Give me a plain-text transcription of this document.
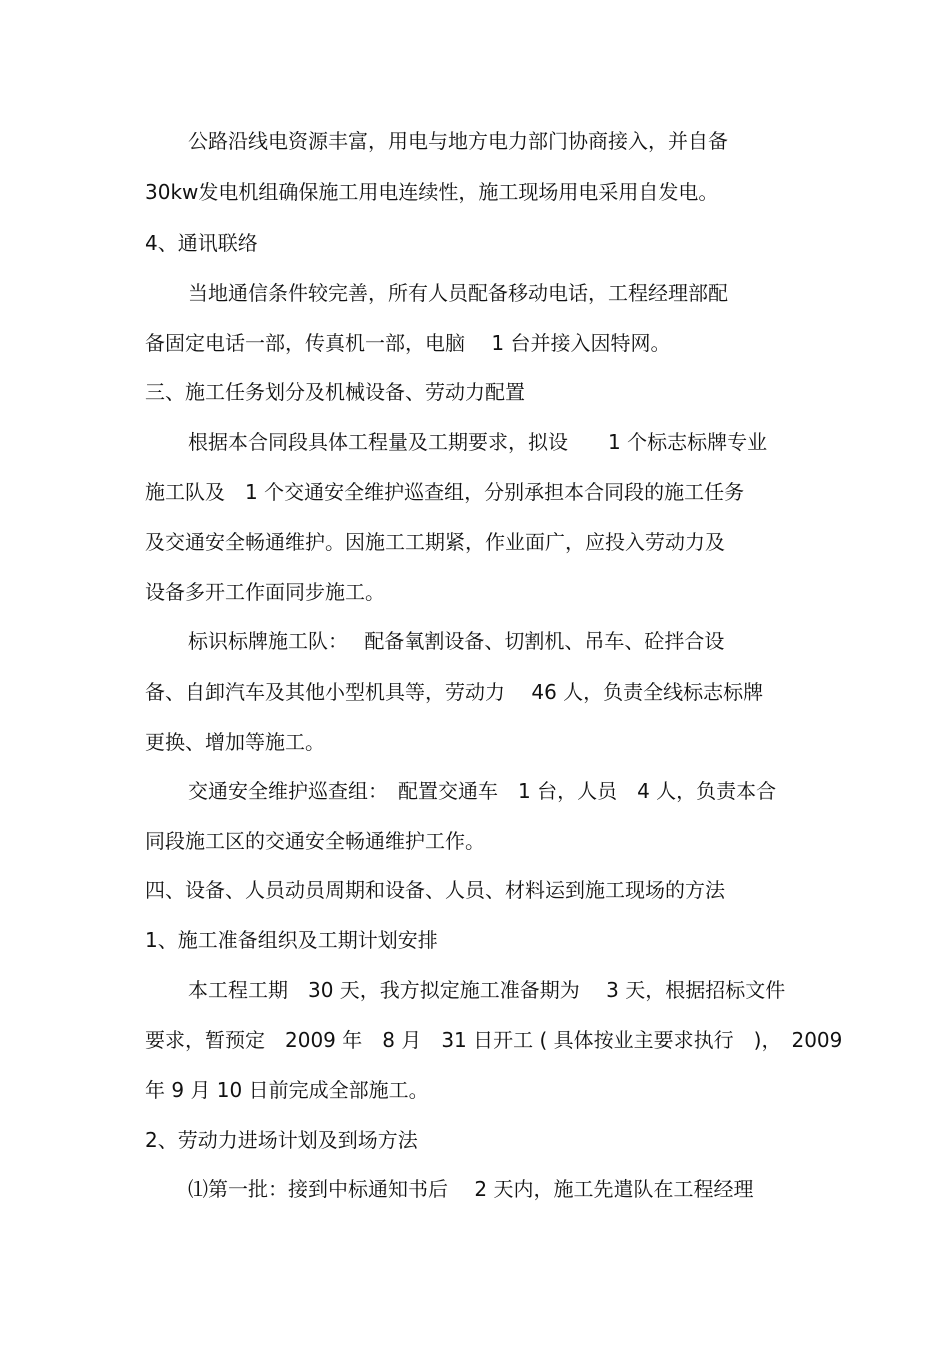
公路沿线电资源丰富，用电与地方电力部门协商接入，并自备
30kw发电机组确保施工用电连续性，施工现场用电采用自发电。
4、通讯联络
当地通信条件较完善，所有人员配备移动电话，工程经理部配
备固定电话一部，传真机一部，电脑　 1 台并接入因特网。
三、施工任务划分及机械设备、劳动力配置
根据本合同段具体工程量及工期要求，拟设　　1 个标志标牌专业
施工队及　1 个交通安全维护巡查组，分别承担本合同段的施工任务
及交通安全畅通维护。因施工工期紧，作业面广，应投入劳动力及
设备多开工作面同步施工。
标识标牌施工队：　 配备氧割设备、切割机、吊车、砼拌合设
备、自卸汽车及其他小型机具等，劳动力　 46 人，负责全线标志标牌
更换、增加等施工。
交通安全维护巡查组：　配置交通车　1 台，人员　4 人，负责本合
同段施工区的交通安全畅通维护工作。
四、设备、人员动员周期和设备、人员、材料运到施工现场的方法
1、施工准备组织及工期计划安排
本工程工期　30 天，我方拟定施工准备期为　 3 天，根据招标文件
要求，暂预定　2009 年　8 月　31 日开工 ( 具体按业主要求执行　)，　2009
年 9 月 10 日前完成全部施工。
2、劳动力进场计划及到场方法
⑴第一批：接到中标通知书后　 2 天内，施工先遣队在工程经理
